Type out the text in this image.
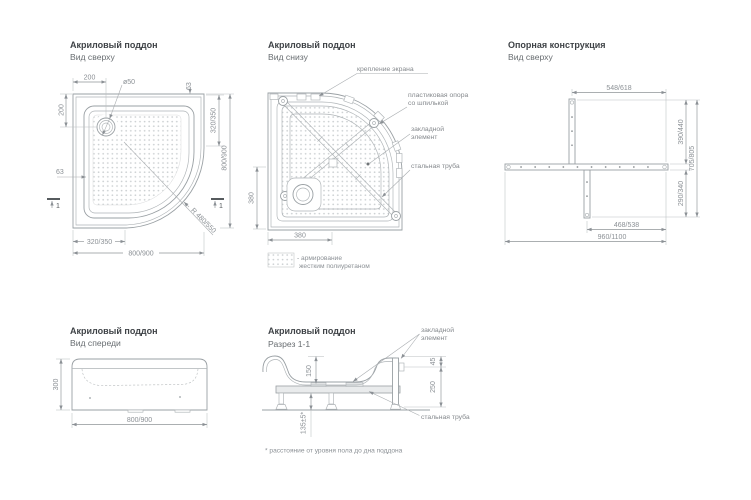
Акриловый поддон
Вид сверху
200
ø50	63
200
63
320/350
800/900
320/350
800/900
R 480/550
1	1
Акриловый поддон
Вид снизу
крепление экрана
пластиковая опора
со шпилькой
закладной
элемент
стальная труба
380
380
- армирование
жестким полиуретаном
Опорная конструкция
Вид сверху
548/618
390/440
290/340
705/805
468/538
960/1100
Акриловый поддон
Вид спереди
300
800/900
Акриловый поддон
Разрез 1-1
150
135±5*
45
250
закладной
элемент
стальная труба
* расстояние от уровня пола до дна поддона
